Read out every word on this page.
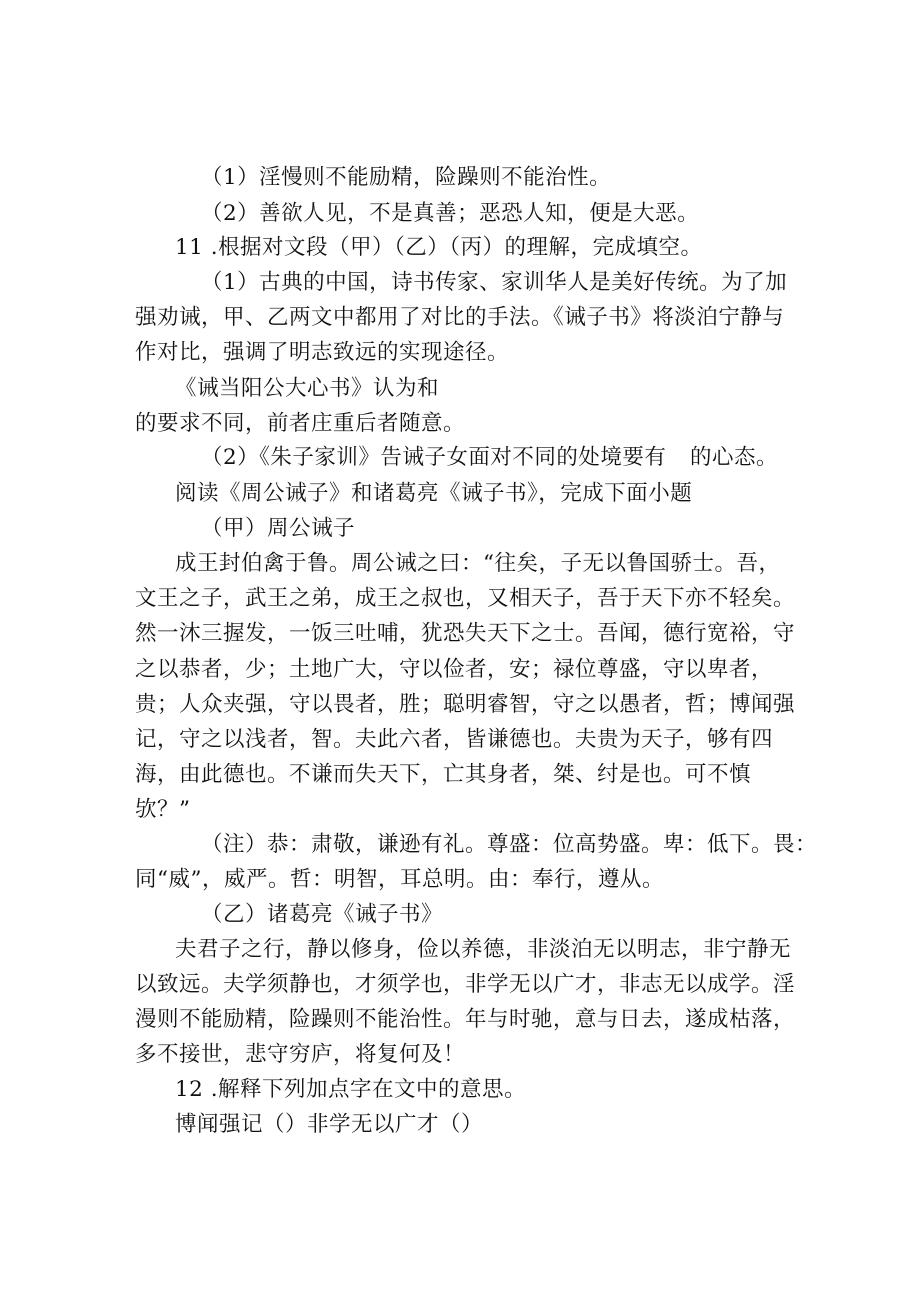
（1）淫慢则不能励精，险躁则不能治性。
（2）善欲人见，不是真善；恶恐人知，便是大恶。
11 .根据对文段（甲）（乙）（丙）的理解，完成填空。
（1）古典的中国，诗书传家、家训华人是美好传统。为了加
强劝诫，甲、乙两文中都用了对比的手法。《诫子书》将淡泊宁静与
作对比，强调了明志致远的实现途径。
《诫当阳公大心书》认为和
的要求不同，前者庄重后者随意。
（2）《朱子家训》告诫子女面对不同的处境要有 的心态。
阅读《周公诫子》和诸葛亮《诫子书》，完成下面小题
（甲）周公诫子
成王封伯禽于鲁。周公诫之曰：“往矣，子无以鲁国骄士。吾，
文王之子，武王之弟，成王之叔也，又相天子，吾于天下亦不轻矣。
然一沐三握发，一饭三吐哺，犹恐失天下之士。吾闻，德行宽裕，守
之以恭者，少；土地广大，守以俭者，安；禄位尊盛，守以卑者，
贵；人众夹强，守以畏者，胜；聪明睿智，守之以愚者，哲；博闻强
记，守之以浅者，智。夫此六者，皆谦德也。夫贵为天子，够有四
海，由此德也。不谦而失天下，亡其身者，桀、纣是也。可不慎
欤？”
（注）恭：肃敬，谦逊有礼。尊盛：位高势盛。卑：低下。畏：
同“威”，威严。哲：明智，耳总明。由：奉行，遵从。
（乙）诸葛亮《诫子书》
夫君子之行，静以修身，俭以养德，非淡泊无以明志，非宁静无
以致远。夫学须静也，才须学也，非学无以广才，非志无以成学。淫
漫则不能励精，险躁则不能治性。年与时驰，意与日去，遂成枯落，
多不接世，悲守穷庐，将复何及！
12 .解释下列加点字在文中的意思。
博闻强记（）非学无以广才（）
